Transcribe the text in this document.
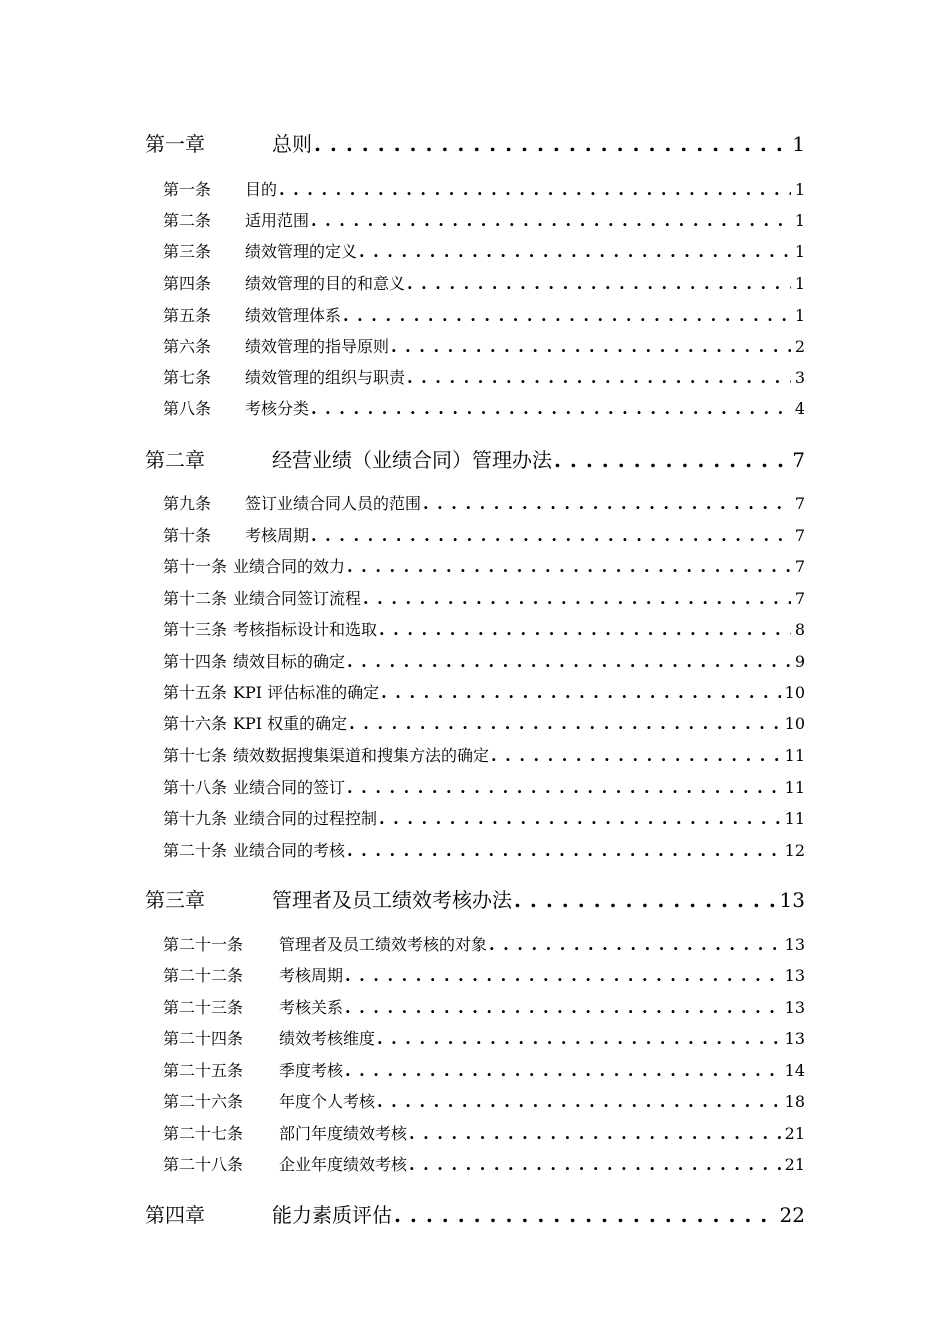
第一章	总则 . . .	1
第一条	目的 . . .	1
第二条	适用范围 . . .	1
第三条	绩效管理的定义 . . .	1
第四条	绩效管理的目的和意义 . . .	1
第五条	绩效管理体系 . . .	1
第六条	绩效管理的指导原则 . . .	2
第七条	绩效管理的组织与职责 . . .	3
第八条	考核分类 . . .	4
第二章	经营业绩（业绩合同）管理办法 . . .	7
第九条	签订业绩合同人员的范围 . . .	7
第十条	考核周期 . . .	7
第十一条 业绩合同的效力 . . .	7
第十二条 业绩合同签订流程 . . .	7
第十三条 考核指标设计和选取 . . .	8
第十四条 绩效目标的确定 . . .	9
第十五条 KPI 评估标准的确定 . . .	10
第十六条 KPI 权重的确定 . . .	10
第十七条 绩效数据搜集渠道和搜集方法的确定 . . .	11
第十八条 业绩合同的签订 . . .	11
第十九条 业绩合同的过程控制 . . .	11
第二十条 业绩合同的考核 . . .	12
第三章	管理者及员工绩效考核办法 . . .	13
第二十一条	管理者及员工绩效考核的对象 . . .	13
第二十二条	考核周期 . . .	13
第二十三条	考核关系 . . .	13
第二十四条	绩效考核维度 . . .	13
第二十五条	季度考核 . . .	14
第二十六条	年度个人考核 . . .	18
第二十七条	部门年度绩效考核 . . .	21
第二十八条	企业年度绩效考核 . . .	21
第四章	能力素质评估 . . .	22
